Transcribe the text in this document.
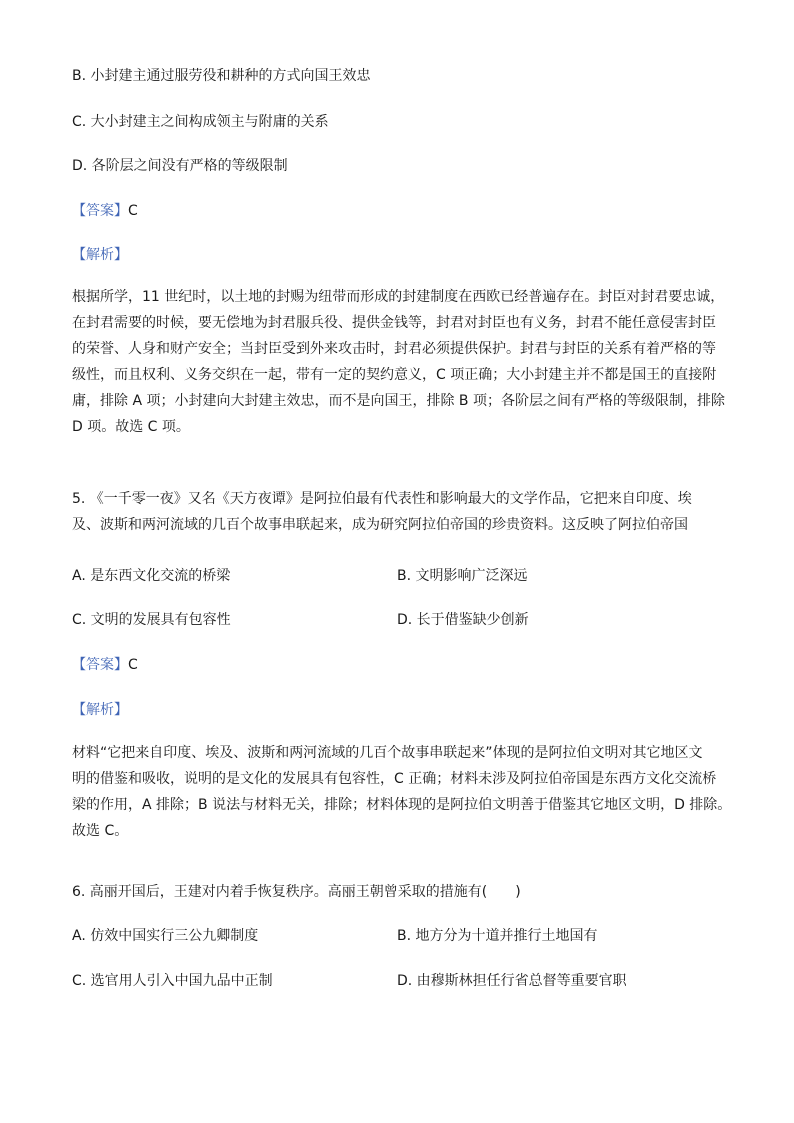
B. 小封建主通过服劳役和耕种的方式向国王效忠
C. 大小封建主之间构成领主与附庸的关系
D. 各阶层之间没有严格的等级限制
【答案】C
【解析】
根据所学，11 世纪时，以土地的封赐为纽带而形成的封建制度在西欧已经普遍存在。封臣对封君要忠诚，
在封君需要的时候，要无偿地为封君服兵役、提供金钱等，封君对封臣也有义务，封君不能任意侵害封臣
的荣誉、人身和财产安全；当封臣受到外来攻击时，封君必须提供保护。封君与封臣的关系有着严格的等
级性，而且权利、义务交织在一起，带有一定的契约意义，C 项正确；大小封建主并不都是国王的直接附
庸，排除 A 项；小封建向大封建主效忠，而不是向国王，排除 B 项；各阶层之间有严格的等级限制，排除
D 项。故选 C 项。
5. 《一千零一夜》又名《天方夜谭》是阿拉伯最有代表性和影响最大的文学作品，它把来自印度、埃
及、波斯和两河流域的几百个故事串联起来，成为研究阿拉伯帝国的珍贵资料。这反映了阿拉伯帝国
A. 是东西文化交流的桥梁	B. 文明影响广泛深远
C. 文明的发展具有包容性	D. 长于借鉴缺少创新
【答案】C
【解析】
材料“它把来自印度、埃及、波斯和两河流域的几百个故事串联起来”体现的是阿拉伯文明对其它地区文
明的借鉴和吸收，说明的是文化的发展具有包容性，C 正确；材料未涉及阿拉伯帝国是东西方文化交流桥
梁的作用，A 排除；B 说法与材料无关，排除；材料体现的是阿拉伯文明善于借鉴其它地区文明，D 排除。
故选 C。
6. 高丽开国后，王建对内着手恢复秩序。高丽王朝曾采取的措施有(　　)
A. 仿效中国实行三公九卿制度	B. 地方分为十道并推行土地国有
C. 选官用人引入中国九品中正制	D. 由穆斯林担任行省总督等重要官职
